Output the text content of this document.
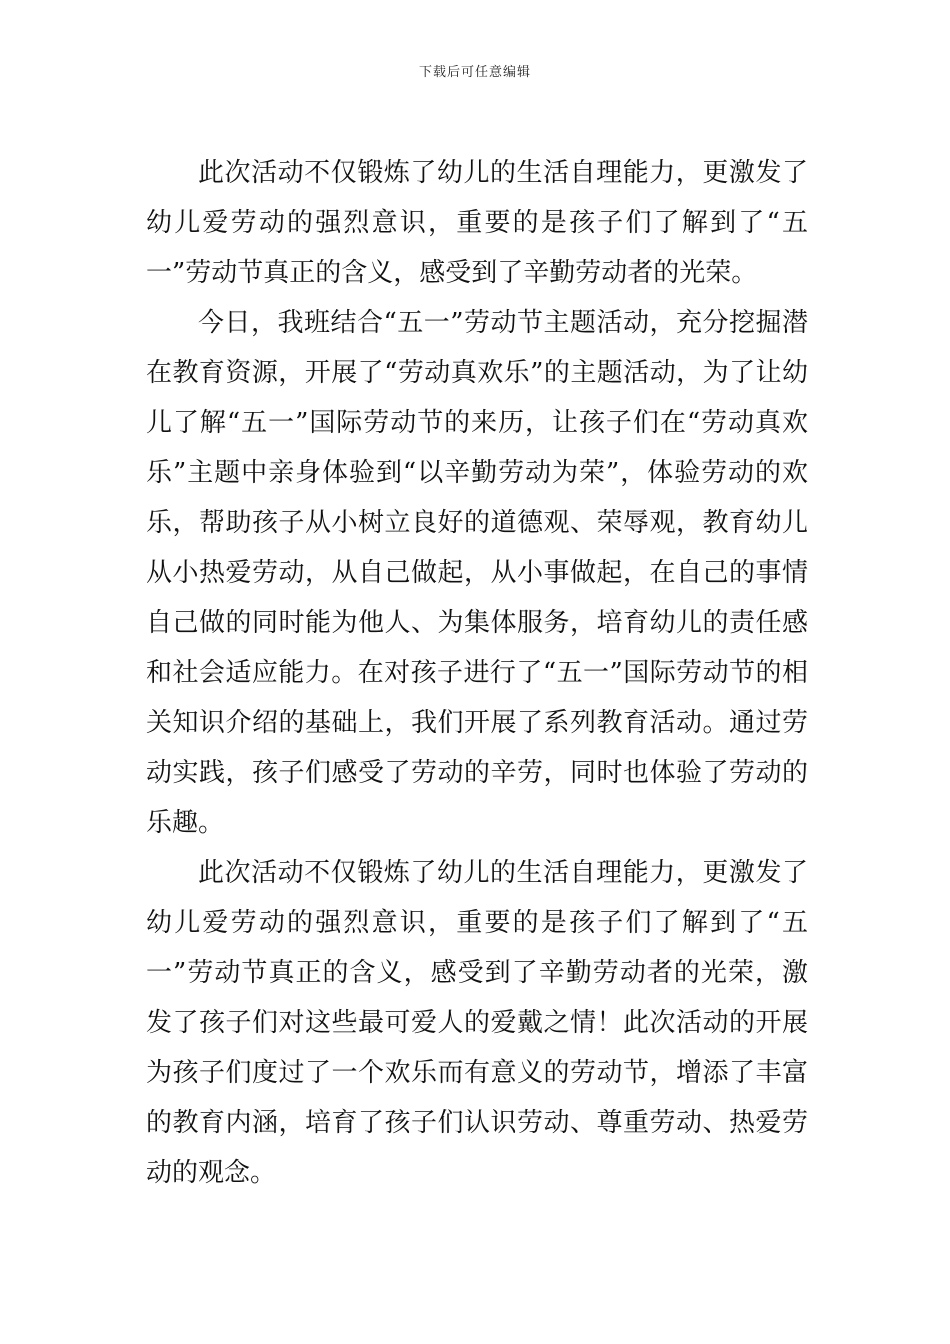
下载后可任意编辑

此次活动不仅锻炼了幼儿的生活自理能力，更激发了幼儿爱劳动的强烈意识，重要的是孩子们了解到了“五一”劳动节真正的含义，感受到了辛勤劳动者的光荣。

今日，我班结合“五一”劳动节主题活动，充分挖掘潜在教育资源，开展了“劳动真欢乐”的主题活动，为了让幼儿了解“五一”国际劳动节的来历，让孩子们在“劳动真欢乐”主题中亲身体验到“以辛勤劳动为荣”，体验劳动的欢乐，帮助孩子从小树立良好的道德观、荣辱观，教育幼儿从小热爱劳动，从自己做起，从小事做起，在自己的事情自己做的同时能为他人、为集体服务，培育幼儿的责任感和社会适应能力。在对孩子进行了“五一”国际劳动节的相关知识介绍的基础上，我们开展了系列教育活动。通过劳动实践，孩子们感受了劳动的辛劳，同时也体验了劳动的乐趣。

此次活动不仅锻炼了幼儿的生活自理能力，更激发了幼儿爱劳动的强烈意识，重要的是孩子们了解到了“五一”劳动节真正的含义，感受到了辛勤劳动者的光荣，激发了孩子们对这些最可爱人的爱戴之情！此次活动的开展为孩子们度过了一个欢乐而有意义的劳动节，增添了丰富的教育内涵，培育了孩子们认识劳动、尊重劳动、热爱劳动的观念。
